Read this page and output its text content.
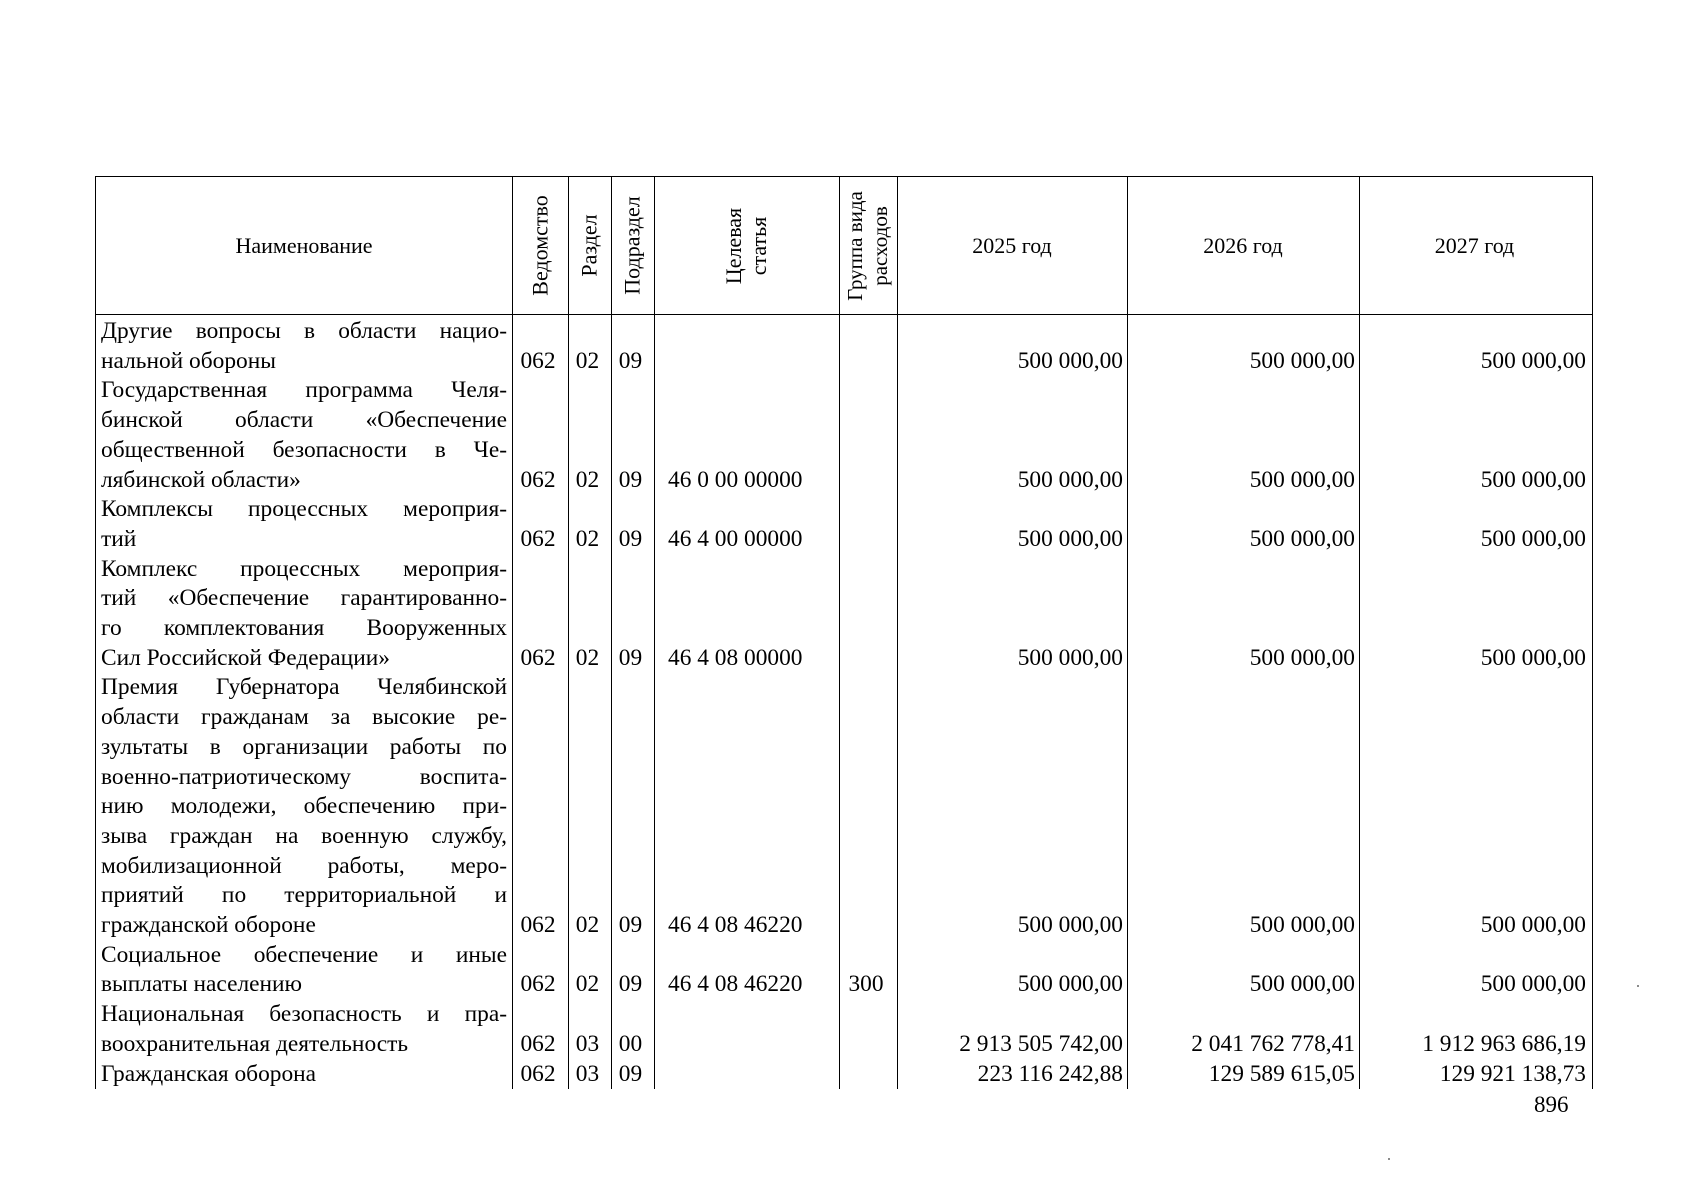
Наименование	Ведомство Раздел Подраздел	Целевая статья	Группа вида расходов	2025 год	2026 год	2027 год
Другие вопросы в области нацио-
нальной обороны	062 02 09	500 000,00	500 000,00	500 000,00
Государственная программа Челя-
бинской области «Обеспечение
общественной безопасности в Че-
лябинской области»	062 02 09	46 0 00 00000	500 000,00	500 000,00	500 000,00
Комплексы процессных мероприя-
тий	062 02 09	46 4 00 00000	500 000,00	500 000,00	500 000,00
Комплекс процессных мероприя-
тий «Обеспечение гарантированно-
го комплектования Вооруженных
Сил Российской Федерации»	062 02 09	46 4 08 00000	500 000,00	500 000,00	500 000,00
Премия Губернатора Челябинской
области гражданам за высокие ре-
зультаты в организации работы по
военно-патриотическому воспита-
нию молодежи, обеспечению при-
зыва граждан на военную службу,
мобилизационной работы, меро-
приятий по территориальной и
гражданской обороне	062 02 09	46 4 08 46220	500 000,00	500 000,00	500 000,00
Социальное обеспечение и иные
выплаты населению	062 02 09	46 4 08 46220	300	500 000,00	500 000,00	500 000,00
Национальная безопасность и пра-
воохранительная деятельность	062 03 00	2 913 505 742,00	2 041 762 778,41	1 912 963 686,19
Гражданская оборона	062 03 09	223 116 242,88	129 589 615,05	129 921 138,73
896
